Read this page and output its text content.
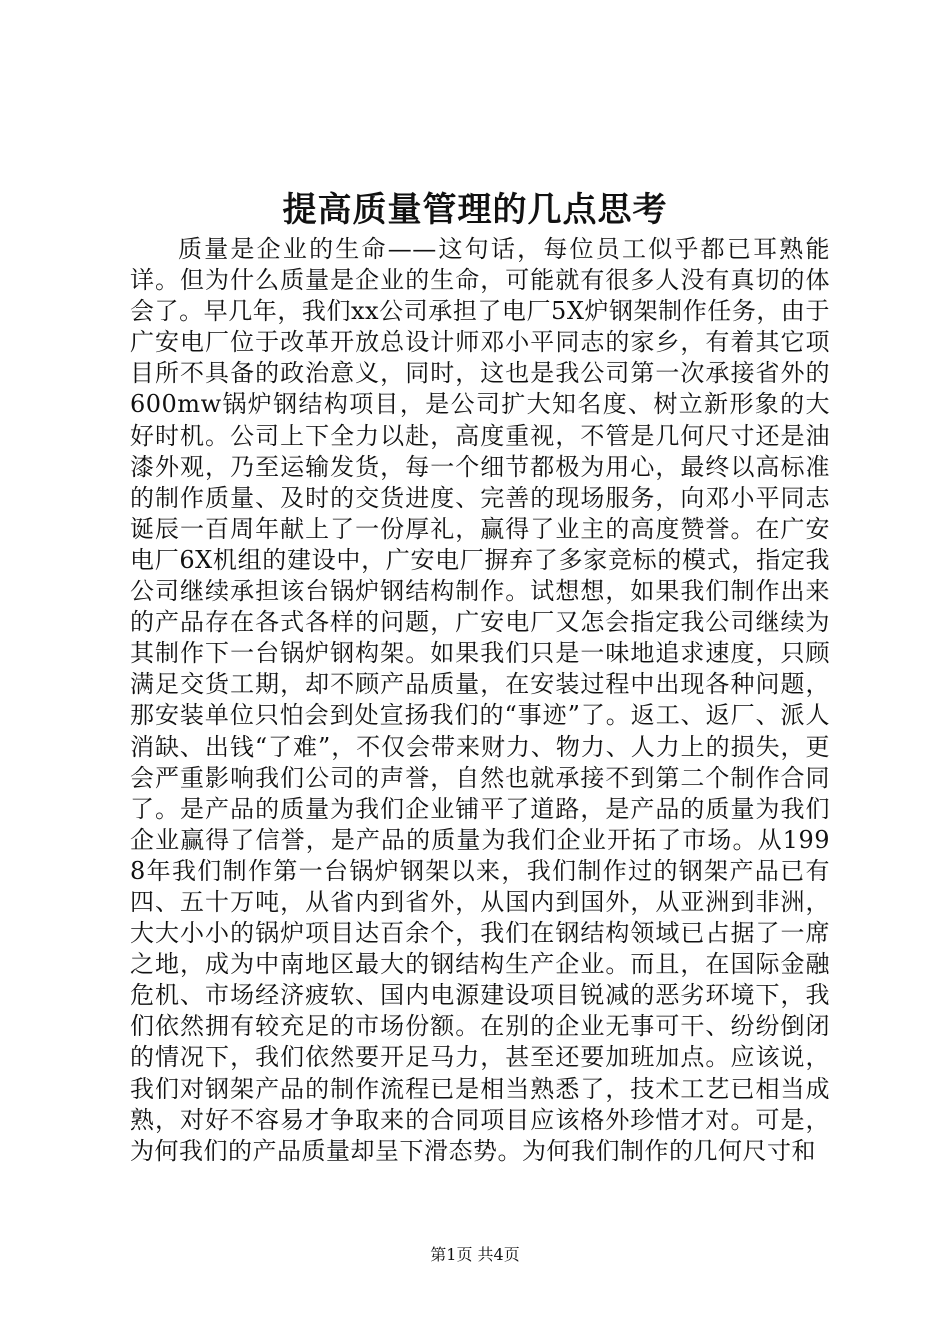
提高质量管理的几点思考

质量是企业的生命——这句话，每位员工似乎都已耳熟能详。但为什么质量是企业的生命，可能就有很多人没有真切的体会了。早几年，我们xx公司承担了电厂5X炉钢架制作任务，由于广安电厂位于改革开放总设计师邓小平同志的家乡，有着其它项目所不具备的政治意义，同时，这也是我公司第一次承接省外的600mw锅炉钢结构项目，是公司扩大知名度、树立新形象的大好时机。公司上下全力以赴，高度重视，不管是几何尺寸还是油漆外观，乃至运输发货，每一个细节都极为用心，最终以高标准的制作质量、及时的交货进度、完善的现场服务，向邓小平同志诞辰一百周年献上了一份厚礼，赢得了业主的高度赞誉。在广安电厂6X机组的建设中，广安电厂摒弃了多家竞标的模式，指定我公司继续承担该台锅炉钢结构制作。试想想，如果我们制作出来的产品存在各式各样的问题，广安电厂又怎会指定我公司继续为其制作下一台锅炉钢构架。如果我们只是一味地追求速度，只顾满足交货工期，却不顾产品质量，在安装过程中出现各种问题，那安装单位只怕会到处宣扬我们的“事迹”了。返工、返厂、派人消缺、出钱“了难”，不仅会带来财力、物力、人力上的损失，更会严重影响我们公司的声誉，自然也就承接不到第二个制作合同了。是产品的质量为我们企业铺平了道路，是产品的质量为我们企业赢得了信誉，是产品的质量为我们企业开拓了市场。从1998年我们制作第一台锅炉钢架以来，我们制作过的钢架产品已有四、五十万吨，从省内到省外，从国内到国外，从亚洲到非洲，大大小小的锅炉项目达百余个，我们在钢结构领域已占据了一席之地，成为中南地区最大的钢结构生产企业。而且，在国际金融危机、市场经济疲软、国内电源建设项目锐减的恶劣环境下，我们依然拥有较充足的市场份额。在别的企业无事可干、纷纷倒闭的情况下，我们依然要开足马力，甚至还要加班加点。应该说，我们对钢架产品的制作流程已是相当熟悉了，技术工艺已相当成熟，对好不容易才争取来的合同项目应该格外珍惜才对。可是，为何我们的产品质量却呈下滑态势。为何我们制作的几何尺寸和

第1页 共4页
